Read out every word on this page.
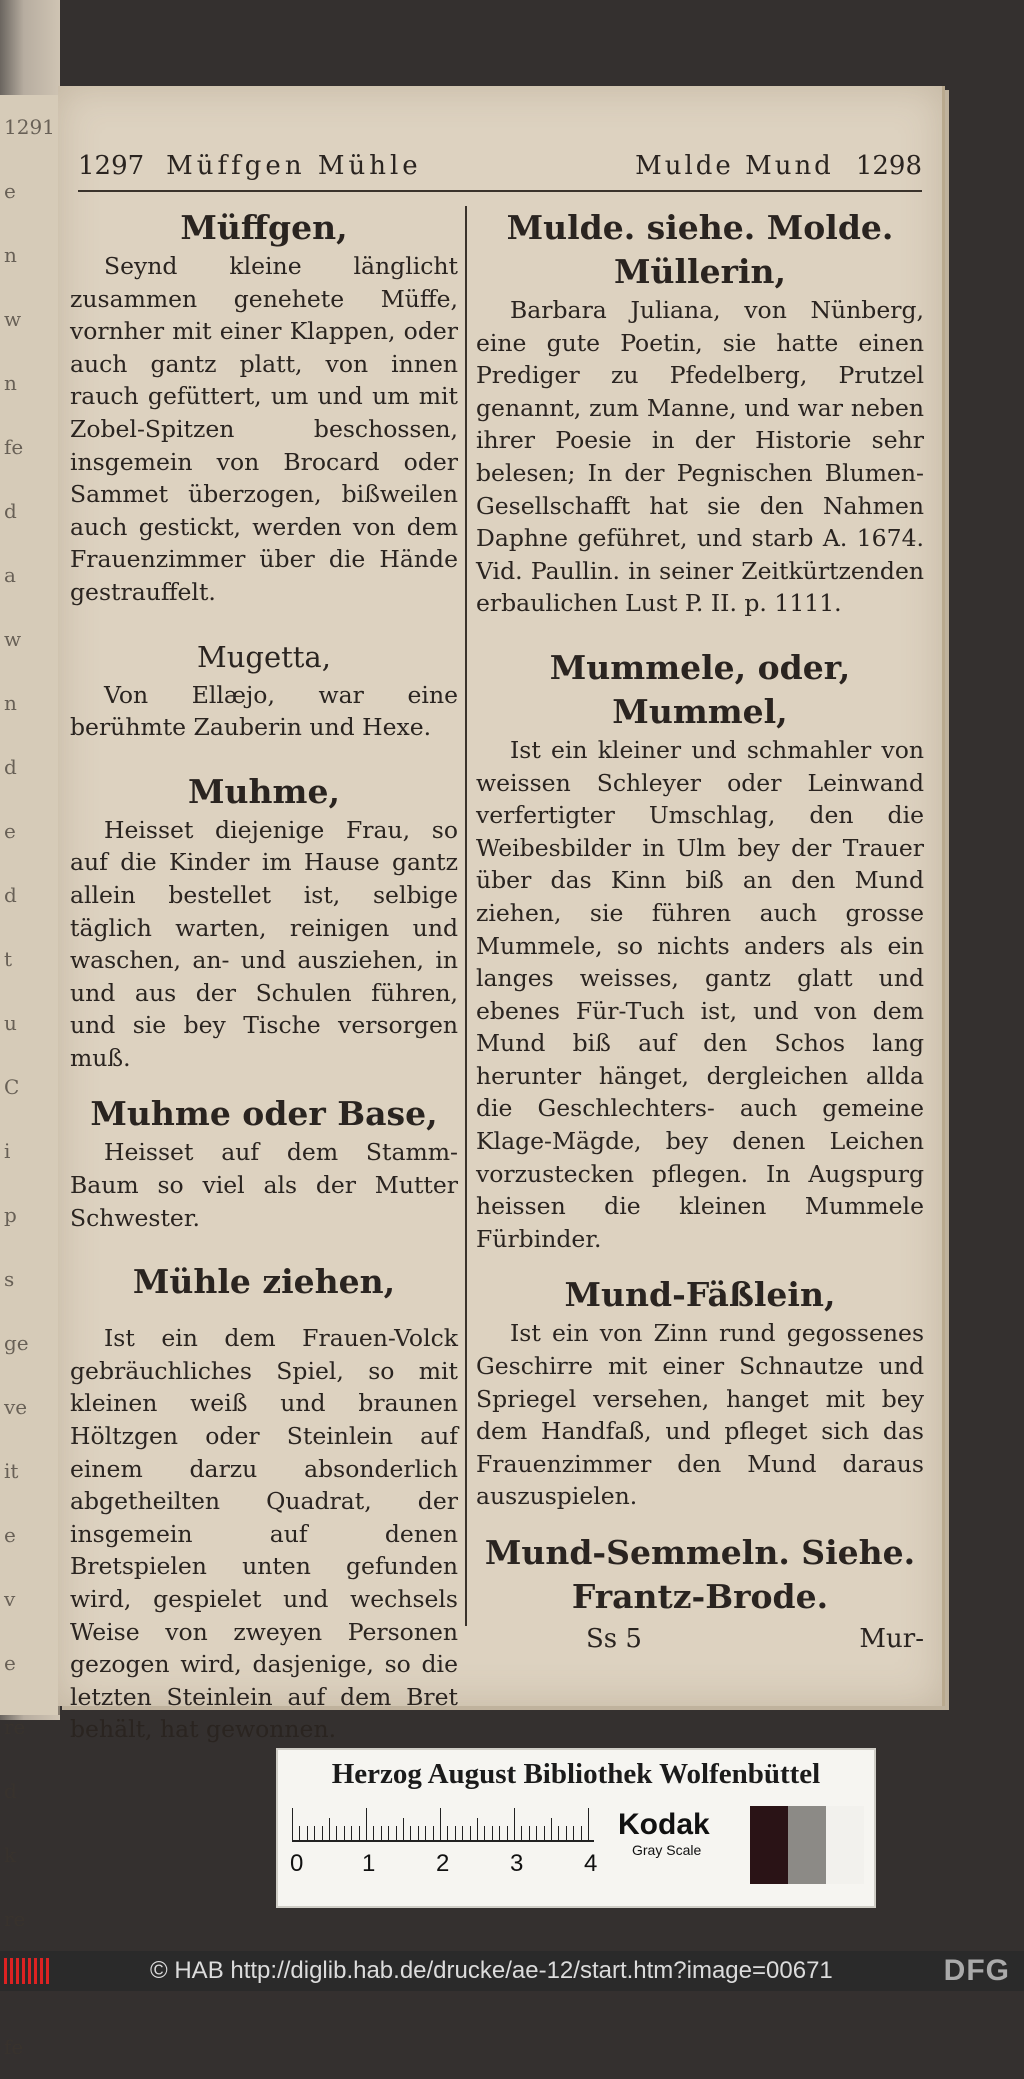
1291
e
n
w
n
fe
d
a
w
n
d
e
d
t
u
C
i
p
s
ge
ve
it
e
v
e
re
d
k
re
fe
1297 Müffgen Mühle	Mulde Mund 1298

Müffgen,

Seynd kleine länglicht zusammen genehete Müffe, vornher mit einer Klappen, oder auch gantz platt, von innen rauch gefüttert, um und um mit Zobel-Spitzen beschossen, insgemein von Brocard oder Sammet überzogen, bißweilen auch gestickt, werden von dem Frauenzimmer über die Hände gestrauffelt.

Mugetta,

Von Ellæjo, war eine berühmte Zauberin und Hexe.

Muhme,

Heisset diejenige Frau, so auf die Kinder im Hause gantz allein bestellet ist, selbige täglich warten, reinigen und waschen, an- und ausziehen, in und aus der Schulen führen, und sie bey Tische versorgen muß.

Muhme oder Base,

Heisset auf dem Stamm-Baum so viel als der Mutter Schwester.

Mühle ziehen,

Ist ein dem Frauen-Volck gebräuchliches Spiel, so mit kleinen weiß und braunen Höltzgen oder Steinlein auf einem darzu absonderlich abgetheilten Quadrat, der insgemein auf denen Bretspielen unten gefunden wird, gespielet und wechsels Weise von zweyen Personen gezogen wird, dasjenige, so die letzten Steinlein auf dem Bret behält, hat gewonnen.

Mulde. siehe. Molde.

Müllerin,

Barbara Juliana, von Nünberg, eine gute Poetin, sie hatte einen Prediger zu Pfedelberg, Prutzel genannt, zum Manne, und war neben ihrer Poesie in der Historie sehr belesen; In der Pegnischen Blumen-Gesellschafft hat sie den Nahmen Daphne geführet, und starb A. 1674. Vid. Paullin. in seiner Zeitkürtzenden erbaulichen Lust P. II. p. 1111.

Mummele, oder, Mummel,

Ist ein kleiner und schmahler von weissen Schleyer oder Leinwand verfertigter Umschlag, den die Weibesbilder in Ulm bey der Trauer über das Kinn biß an den Mund ziehen, sie führen auch grosse Mummele, so nichts anders als ein langes weisses, gantz glatt und ebenes Für-Tuch ist, und von dem Mund biß auf den Schos lang herunter hänget, dergleichen allda die Geschlechters- auch gemeine Klage-Mägde, bey denen Leichen vorzustecken pflegen. In Augspurg heissen die kleinen Mummele Fürbinder.

Mund-Fäßlein,

Ist ein von Zinn rund gegossenes Geschirre mit einer Schnautze und Spriegel versehen, hanget mit bey dem Handfaß, und pfleget sich das Frauenzimmer den Mund daraus auszuspielen.

Mund-Semmeln. Siehe. Frantz-Brode.

Ss 5	Mur-
Herzog August Bibliothek Wolfenbüttel
0 1	2	3	4
Kodak
Gray Scale
© HAB http://diglib.hab.de/drucke/ae-12/start.htm?image=00671	DFG
